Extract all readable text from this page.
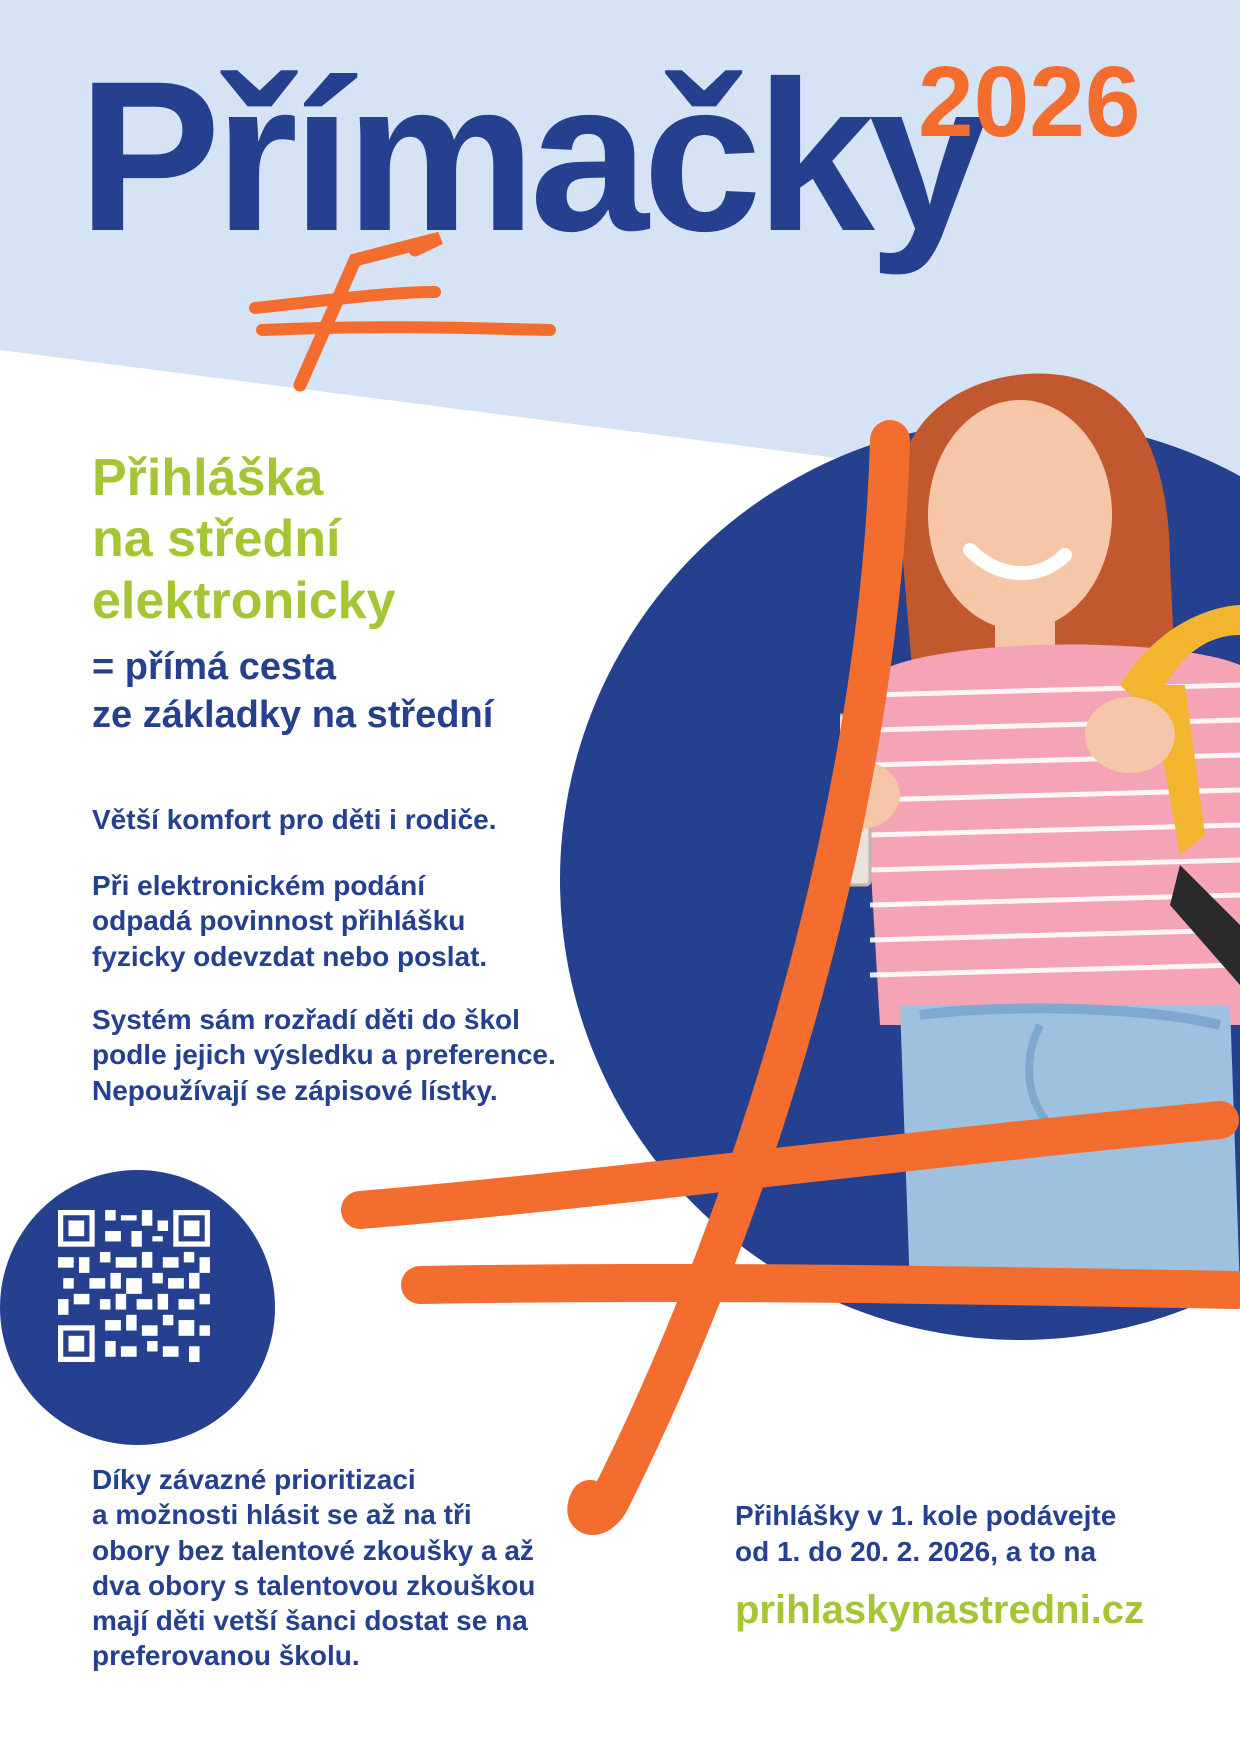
Přímačky
2026
Přihláška
na střední
elektronicky
= přímá cesta
ze základky na střední

Větší komfort pro děti i rodiče.

Při elektronickém podání
odpadá povinnost přihlášku
fyzicky odevzdat nebo poslat.

Systém sám rozřadí děti do škol
podle jejich výsledku a preference.
Nepoužívají se zápisové lístky.

Díky závazné prioritizaci
a možnosti hlásit se až na tři
obory bez talentové zkoušky a až
dva obory s talentovou zkouškou
mají děti vetší šanci dostat se na
preferovanou školu.

Přihlášky v 1. kole podávejte
od 1. do 20. 2. 2026, a to na

prihlaskynastredni.cz
